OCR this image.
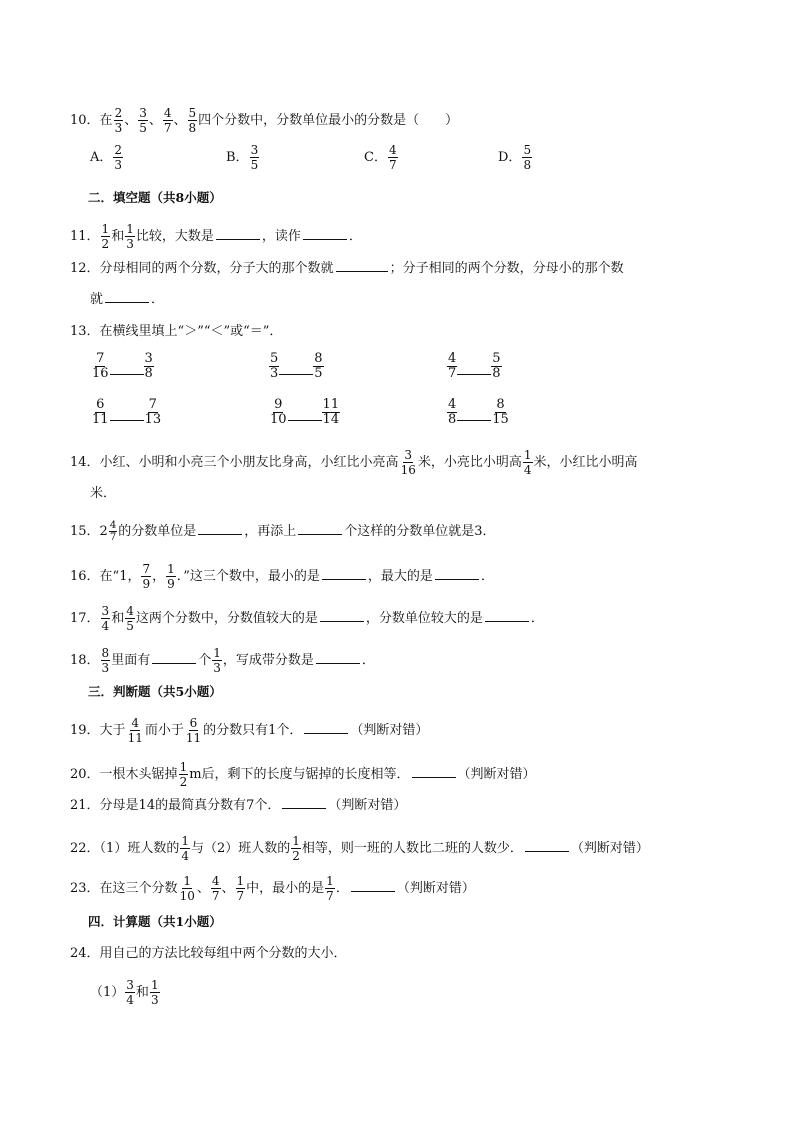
10．在 $\frac{2}{3}$ 、 $\frac{3}{5}$ 、 $\frac{4}{7}$ 、 $\frac{5}{8}$ 四个分数中，分数单位最小的分数是（　　）
A． $\frac{2}{3}$	B． $\frac{3}{5}$	C． $\frac{4}{7}$	D． $\frac{5}{8}$
二．填空题（共8小题）
11． $\frac{1}{2}$ 和 $\frac{1}{3}$ 比较，大数是	，读作	．
12．分母相同的两个分数，分子大的那个数就	；分子相同的两个分数，分母小的那个数
就	．
13．在横线里填上“＞”“＜”或“＝”．
$\frac{7}{16}$	$\frac{3}{8}$	$\frac{5}{3}$	$\frac{8}{5}$	$\frac{4}{7}$	$\frac{5}{8}$
$\frac{6}{11}$	$\frac{7}{13}$	$\frac{9}{10}$	$\frac{11}{14}$	$\frac{4}{8}$	$\frac{8}{15}$
14．小红、小明和小亮三个小朋友比身高，小红比小亮高 $\frac{3}{16}$ 米，小亮比小明高 $\frac{1}{4}$ 米，小红比小明高
米．
15．$2 \frac{4}{7}$ 的分数单位是	，再添上	个这样的分数单位就是3．
16．在“1， $\frac{7}{9}$ ， $\frac{1}{9}$ ．”这三个数中，最小的是	，最大的是	．
17． $\frac{3}{4}$ 和 $\frac{4}{5}$ 这两个分数中，分数值较大的是	，分数单位较大的是	．
18． $\frac{8}{3}$ 里面有	个 $\frac{1}{3}$ ，写成带分数是	．
三．判断题（共5小题）
19．大于 $\frac{4}{11}$ 而小于 $\frac{6}{11}$ 的分数只有1个．	（判断对错）
20．一根木头锯掉 $\frac{1}{2}$ m后，剩下的长度与锯掉的长度相等．	（判断对错）
21．分母是14的最简真分数有7个．	（判断对错）
22．（1）班人数的 $\frac{1}{4}$ 与（2）班人数的 $\frac{1}{2}$ 相等，则一班的人数比二班的人数少．	（判断对错）
23．在这三个分数 $\frac{1}{10}$ 、 $\frac{4}{7}$ 、 $\frac{1}{7}$ 中，最小的是 $\frac{1}{7}$ ．	（判断对错）
四．计算题（共1小题）
24．用自己的方法比较每组中两个分数的大小．
$(1) \frac{3}{4}$ 和 $\frac{1}{3}$
